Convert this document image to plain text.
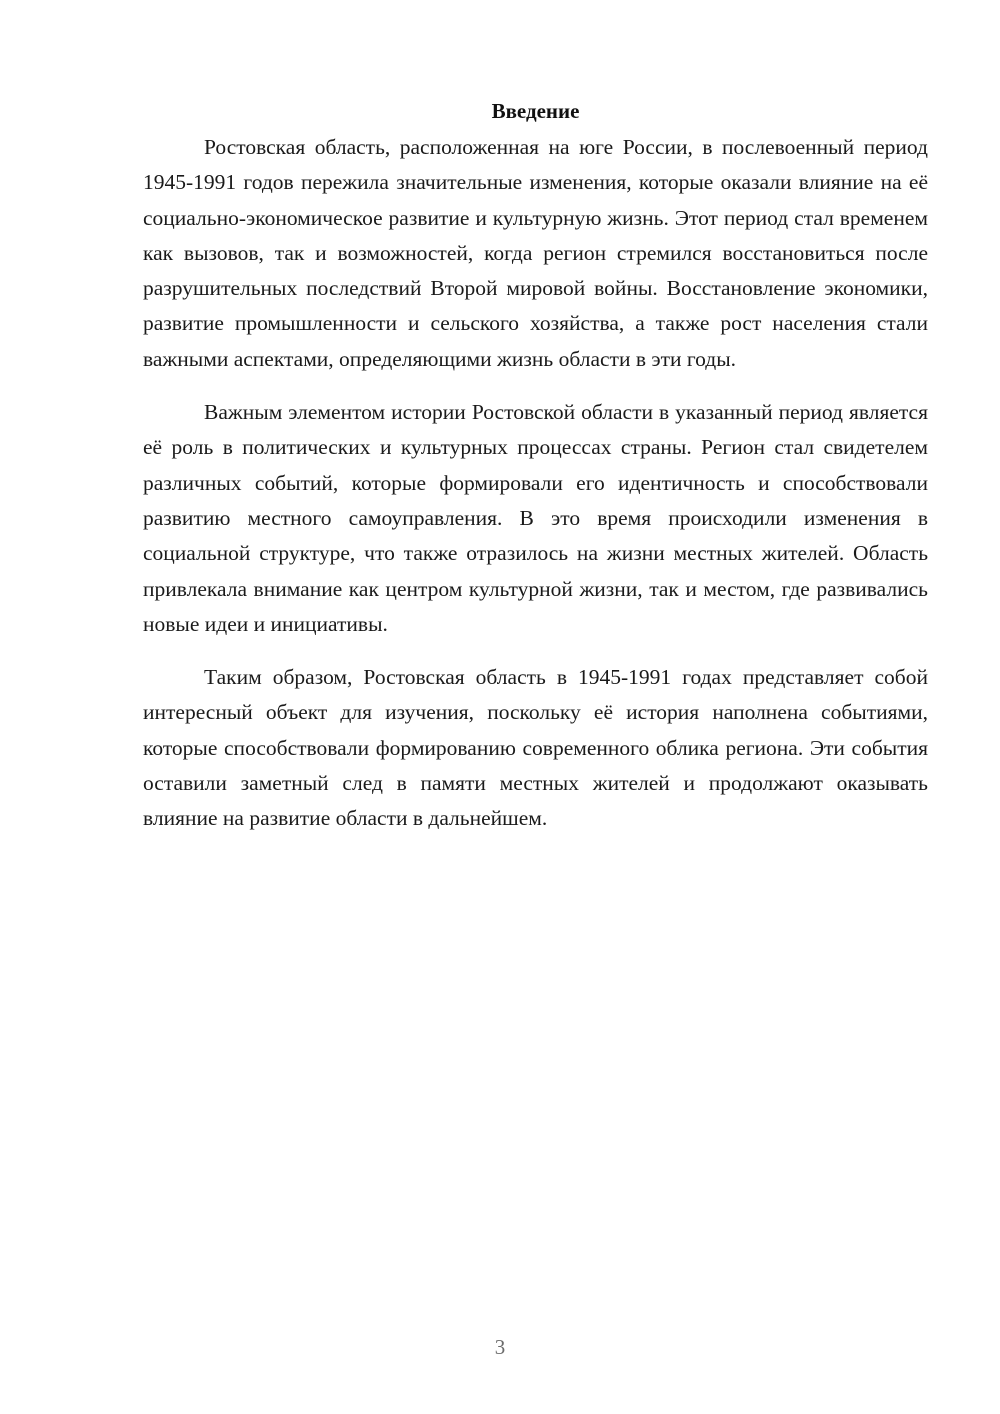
Введение

Ростовская область, расположенная на юге России, в послевоенный период 1945-1991 годов пережила значительные изменения, которые оказали влияние на её социально-экономическое развитие и культурную жизнь. Этот период стал временем как вызовов, так и возможностей, когда регион стремился восстановиться после разрушительных последствий Второй мировой войны. Восстановление экономики, развитие промышленности и сельского хозяйства, а также рост населения стали важными аспектами, определяющими жизнь области в эти годы.

Важным элементом истории Ростовской области в указанный период является её роль в политических и культурных процессах страны. Регион стал свидетелем различных событий, которые формировали его идентичность и способствовали развитию местного самоуправления. В это время происходили изменения в социальной структуре, что также отразилось на жизни местных жителей. Область привлекала внимание как центром культурной жизни, так и местом, где развивались новые идеи и инициативы.

Таким образом, Ростовская область в 1945-1991 годах представляет собой интересный объект для изучения, поскольку её история наполнена событиями, которые способствовали формированию современного облика региона. Эти события оставили заметный след в памяти местных жителей и продолжают оказывать влияние на развитие области в дальнейшем.

3
